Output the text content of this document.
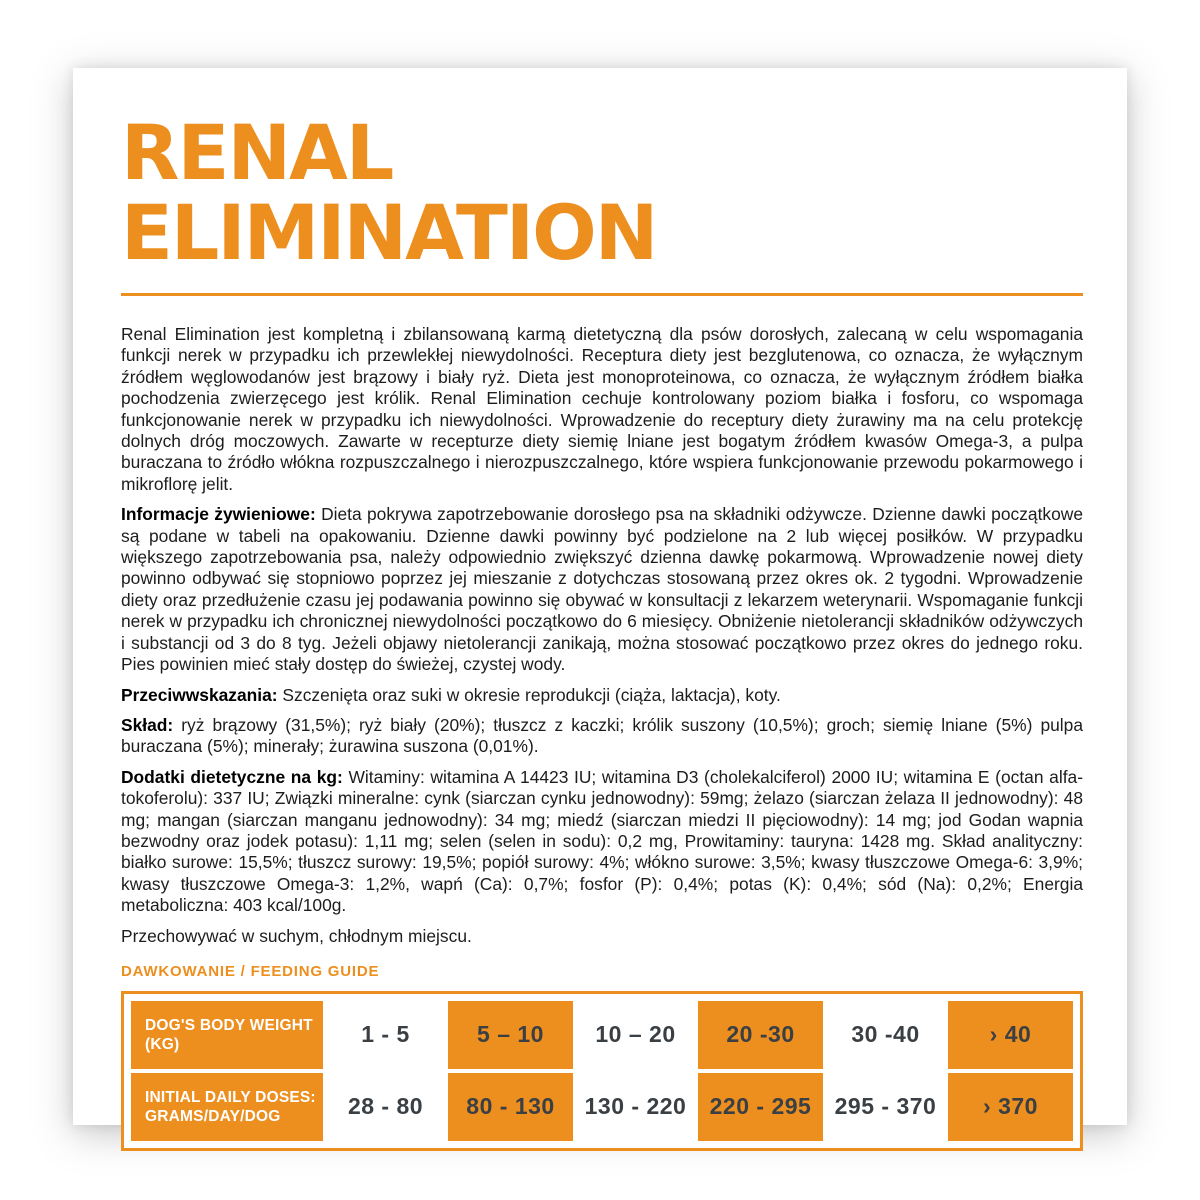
RENAL
ELIMINATION

Renal Elimination jest kompletną i zbilansowaną karmą dietetyczną dla psów dorosłych, zalecaną w celu wspomagania funkcji nerek w przypadku ich przewlekłej niewydolności. Receptura diety jest bezglutenowa, co oznacza, że wyłącznym źródłem węglowodanów jest brązowy i biały ryż. Dieta jest monoproteinowa, co oznacza, że wyłącznym źródłem białka pochodzenia zwierzęcego jest królik. Renal Elimination cechuje kontrolowany poziom białka i fosforu, co wspomaga funkcjonowanie nerek w przypadku ich niewydolności. Wprowadzenie do receptury diety żurawiny ma na celu protekcję dolnych dróg moczowych. Zawarte w recepturze diety siemię lniane jest bogatym źródłem kwasów Omega-3, a pulpa buraczana to źródło włókna rozpuszczalnego i nierozpuszczalnego, które wspiera funkcjonowanie przewodu pokarmowego i mikroflorę jelit.

Informacje żywieniowe: Dieta pokrywa zapotrzebowanie dorosłego psa na składniki odżywcze. Dzienne dawki początkowe są podane w tabeli na opakowaniu. Dzienne dawki powinny być podzielone na 2 lub więcej posiłków. W przypadku większego zapotrzebowania psa, należy odpowiednio zwiększyć dzienna dawkę pokarmową. Wprowadzenie nowej diety powinno odbywać się stopniowo poprzez jej mieszanie z dotychczas stosowaną przez okres ok. 2 tygodni. Wprowadzenie diety oraz przedłużenie czasu jej podawania powinno się obywać w konsultacji z lekarzem weterynarii. Wspomaganie funkcji nerek w przypadku ich chronicznej niewydolności początkowo do 6 miesięcy. Obniżenie nietolerancji składników odżywczych i substancji od 3 do 8 tyg. Jeżeli objawy nietolerancji zanikają, można stosować początkowo przez okres do jednego roku. Pies powinien mieć stały dostęp do świeżej, czystej wody.

Przeciwwskazania: Szczenięta oraz suki w okresie reprodukcji (ciąża, laktacja), koty.

Skład: ryż brązowy (31,5%); ryż biały (20%); tłuszcz z kaczki; królik suszony (10,5%); groch; siemię lniane (5%) pulpa buraczana (5%); minerały; żurawina suszona (0,01%).

Dodatki dietetyczne na kg: Witaminy: witamina A 14423 IU; witamina D3 (cholekalciferol) 2000 IU; witamina E (octan alfa-tokoferolu): 337 IU; Związki mineralne: cynk (siarczan cynku jednowodny): 59mg; żelazo (siarczan żelaza II jednowodny): 48 mg; mangan (siarczan manganu jednowodny): 34 mg; miedź (siarczan miedzi II pięciowodny): 14 mg; jod Godan wapnia bezwodny oraz jodek potasu): 1,11 mg; selen (selen in sodu): 0,2 mg, Prowitaminy: tauryna: 1428 mg. Skład analityczny: białko surowe: 15,5%; tłuszcz surowy: 19,5%; popiół surowy: 4%; włókno surowe: 3,5%; kwasy tłuszczowe Omega-6: 3,9%; kwasy tłuszczowe Omega-3: 1,2%, wapń (Ca): 0,7%; fosfor (P): 0,4%; potas (K): 0,4%; sód (Na): 0,2%; Energia metaboliczna: 403 kcal/100g.

Przechowywać w suchym, chłodnym miejscu.

DAWKOWANIE / FEEDING GUIDE
DOG'S BODY WEIGHT (KG)	1 - 5	5 – 10	10 – 20	20 -30	30 -40	› 40
INITIAL DAILY DOSES: GRAMS/DAY/DOG	28 - 80	80 - 130	130 - 220	220 - 295	295 - 370	› 370
